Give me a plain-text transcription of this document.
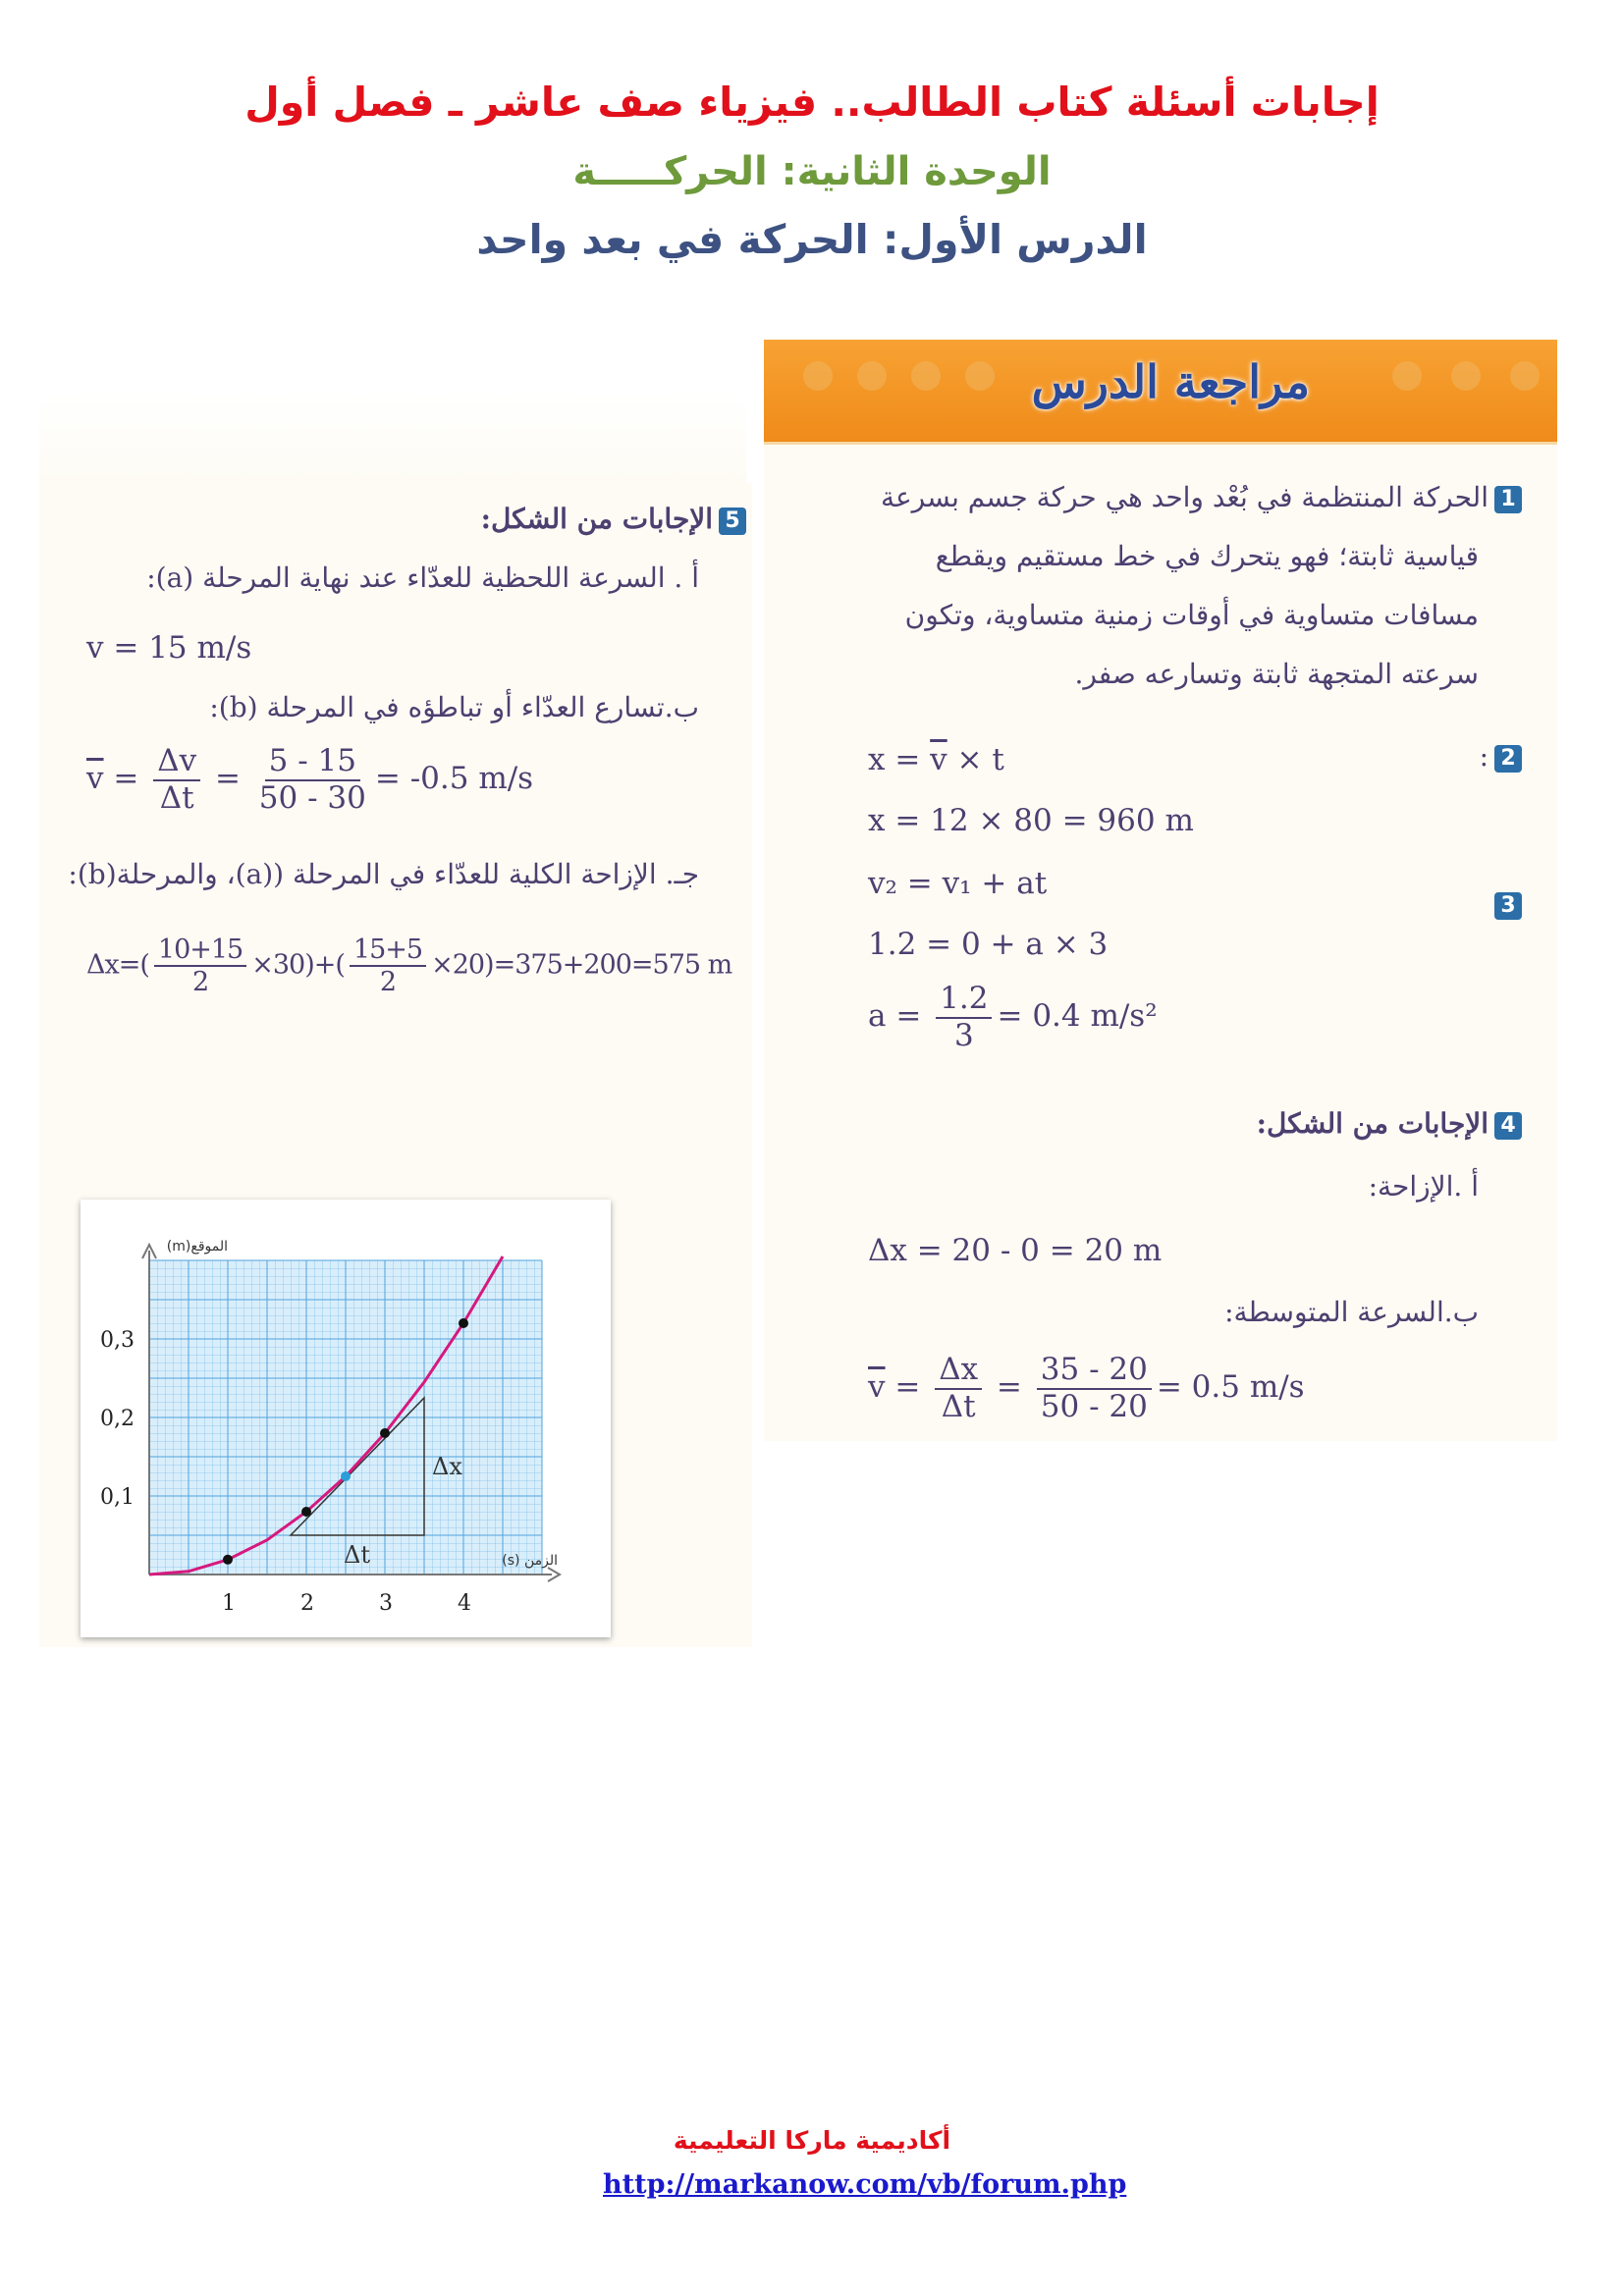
إجابات أسئلة كتاب الطالب.. فيزياء صف عاشر ـ فصل أول
الوحدة الثانية: الحركـــــة
الدرس الأول: الحركة في بعد واحد
مراجعة الدرس
1الحركة المنتظمة في بُعْد واحد هي حركة جسم بسرعة
قياسية ثابتة؛ فهو يتحرك في خط مستقيم ويقطع
مسافات متساوية في أوقات زمنية متساوية، وتكون
سرعته المتجهة ثابتة وتسارعه صفر.
2:
$x = \overline{v} \times t$
x = 12 × 80 = 960 m
v₂ = v₁ + at
3
1.2 = 0 + a × 3
$a = \frac{1.2}{3} = 0.4$ m/s²
4الإجابات من الشكل:
أ .الإزاحة:
Δx = 20 - 0 = 20 m
ب.السرعة المتوسطة:
$\overline{v} = \frac{\Delta x}{\Delta t} = \frac{35 - 20}{50 - 20} = 0.5$ m/s
5الإجابات من الشكل:
أ . السرعة اللحظية للعدّاء عند نهاية المرحلة (a):
v = 15 m/s
ب.تسارع العدّاء أو تباطؤه في المرحلة (b):
$\overline{v} = \frac{\Delta v}{\Delta t} = \frac{5 - 15}{50 - 30} = -0.5$ m/s
جـ. الإزاحة الكلية للعدّاء في المرحلة ((a)، والمرحلة(b):
$\Delta x=( \frac{10+15}{2} \times 30)+( \frac{15+5}{2} \times 20)=375+200=575$ m
1	2	3	4
0,1
0,2
0,3
Δx
Δt
الموقع(m)
الزمن (s)
أكاديمية ماركا التعليمية
http://markanow.com/vb/forum.php
